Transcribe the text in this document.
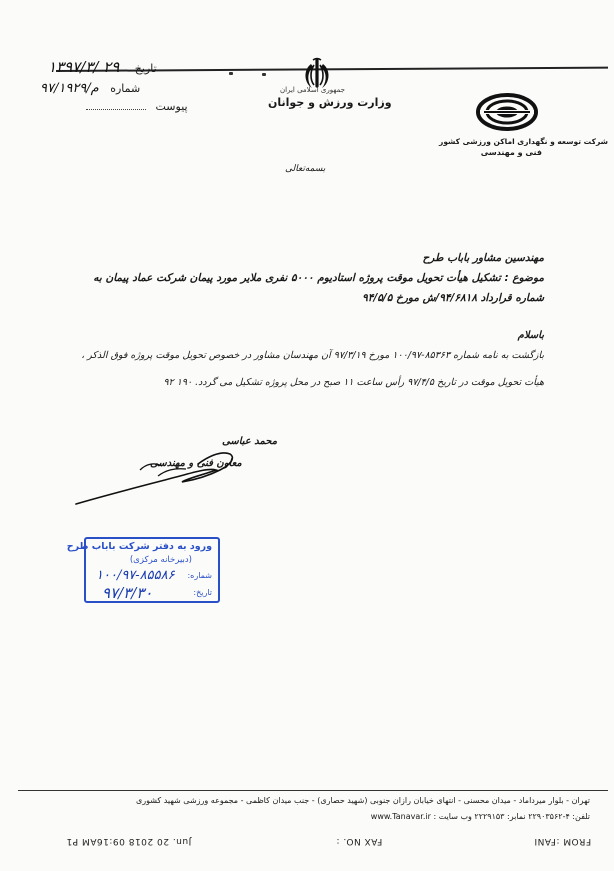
۱۳۹۷/۳/ ۲۹ تاریخ
۹۷/م/۱۹۲۹ شماره
پیوست
جمهوری اسلامی ایران
وزارت ورزش و جوانان
شرکت توسعه و نگهداری اماکن ورزشی کشور
فنی و مهندسی
بسمه‌تعالی
مهندسین مشاور باباب طرح
موضوع : تشکیل هیأت تحویل موقت پروژه استادیوم ۵۰۰۰ نفری ملایر مورد پیمان شرکت عماد پیمان به
شماره قرارداد ۹۴/۶۸۱۸/ش مورخ ۹۴/۵/۵
باسلام
بازگشت به نامه شماره ۸۵۳۶۳-۱۰۰/۹۷ مورخ ۹۷/۳/۱۹ آن مهندسان مشاور در خصوص تحویل موقت پروژه فوق الذکر ،
هیأت تحویل موقت در تاریخ ۹۷/۴/۵ رأس ساعت ۱۱ صبح در محل پروژه تشکیل می گردد. ۱۹۰ ۹۲
محمد عباسی
معاون فنی و مهندسی
ورود به دفتر شرکت باباب طرح
(دبیرخانه مرکزی)
شماره:
۱۰۰/۹۷-۸۵۵۸۶
تاریخ:
۹۷/۳/۳۰
تهران - بلوار میرداماد - میدان محسنی - انتهای خیابان رازان جنوبی (شهید حصاری) - جنب میدان کاظمی - مجموعه ورزشی شهید کشوری
تلفن: ۴-۲۲۹۰۳۵۶۲ نمابر: ۲۲۲۹۱۵۳ وب سایت : www.Tanavar.ir
Jun. 20 2018 09:16AM P1	FAX NO. :	FROM :FANI
